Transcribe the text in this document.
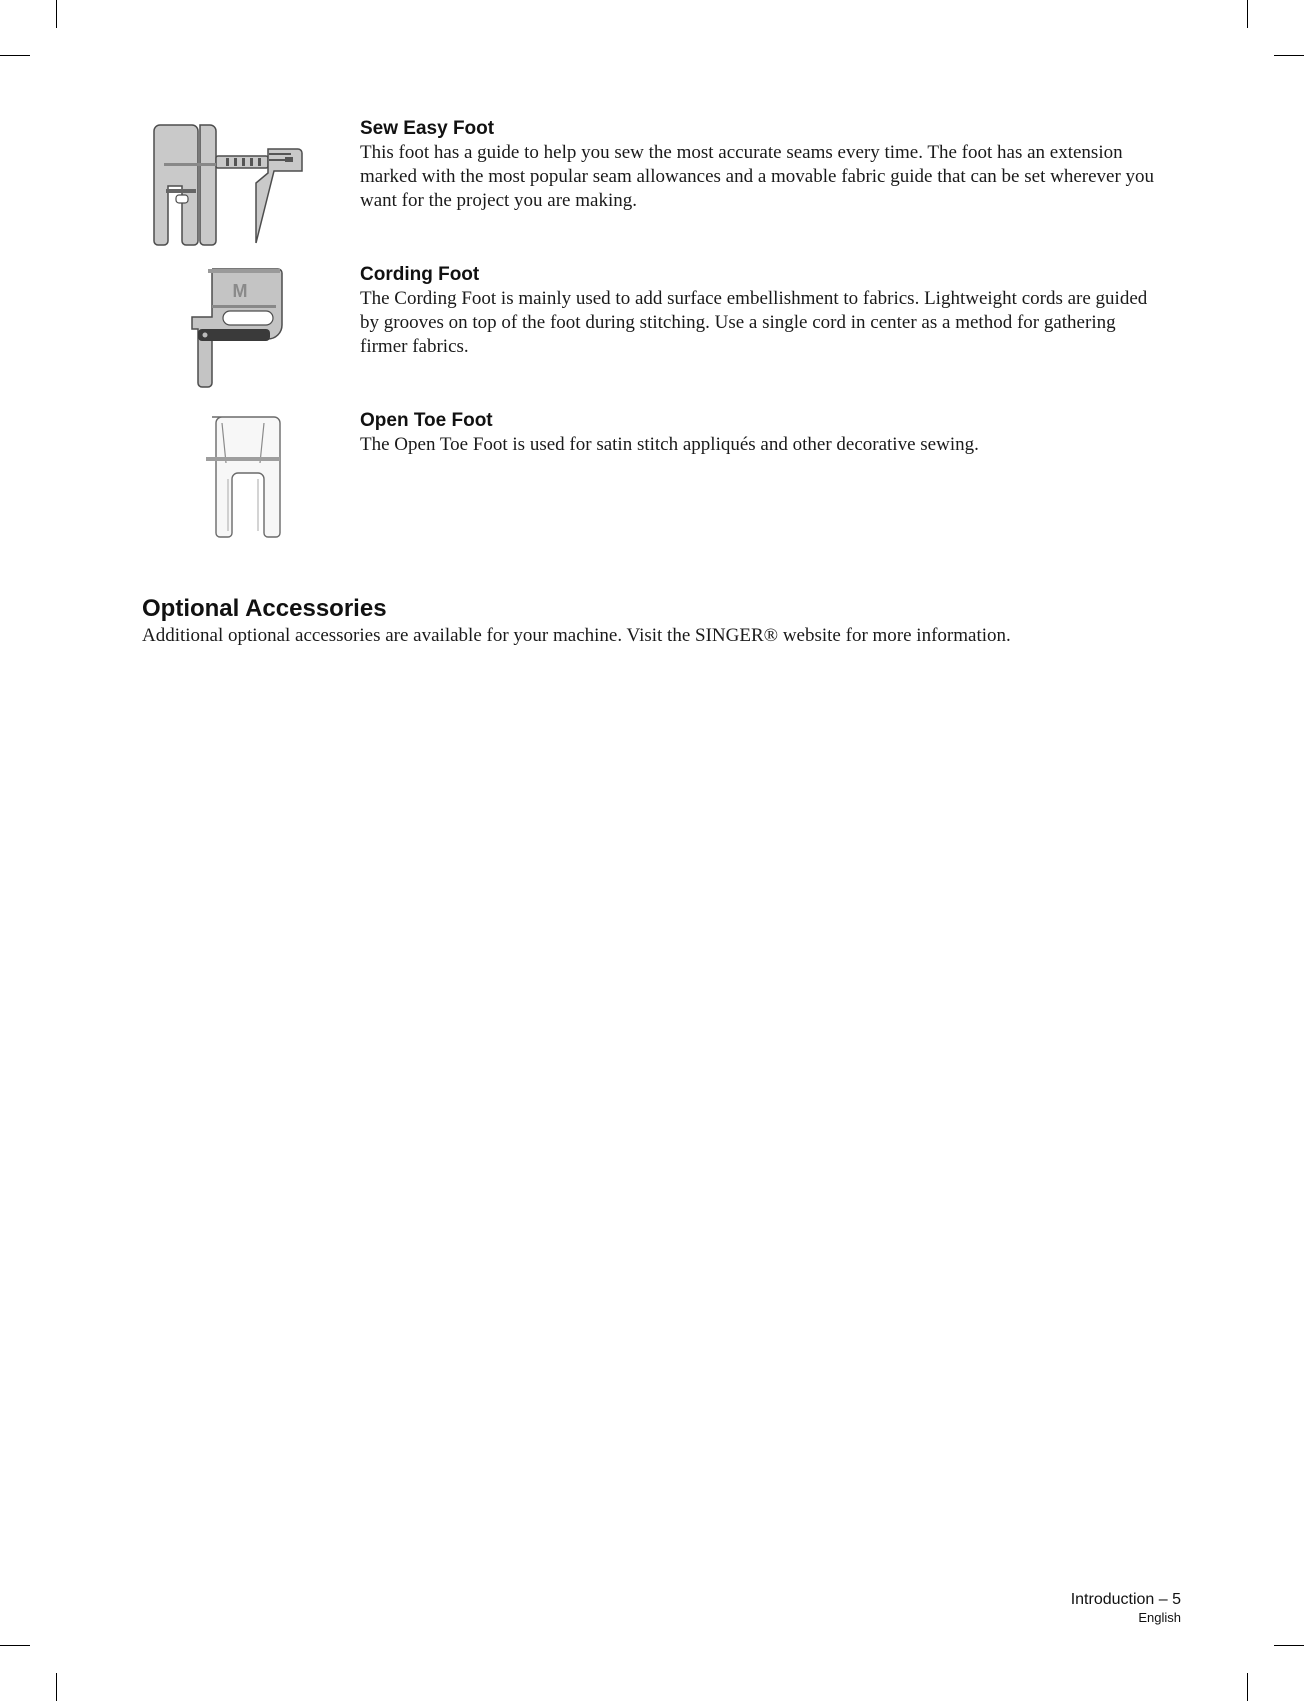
Sew Easy Foot

This foot has a guide to help you sew the most accurate seams every time. The foot has an extension marked with the most popular seam allowances and a movable fabric guide that can be set wherever you want for the project you are making.

M
Cording Foot

The Cording Foot is mainly used to add surface embellishment to fabrics. Lightweight cords are guided by grooves on top of the foot during stitching. Use a single cord in center as a method for gathering firmer fabrics.

Open Toe Foot

The Open Toe Foot is used for satin stitch appliqués and other decorative sewing.

Optional Accessories

Additional optional accessories are available for your machine. Visit the SINGER® website for more information.

Introduction – 5
English
